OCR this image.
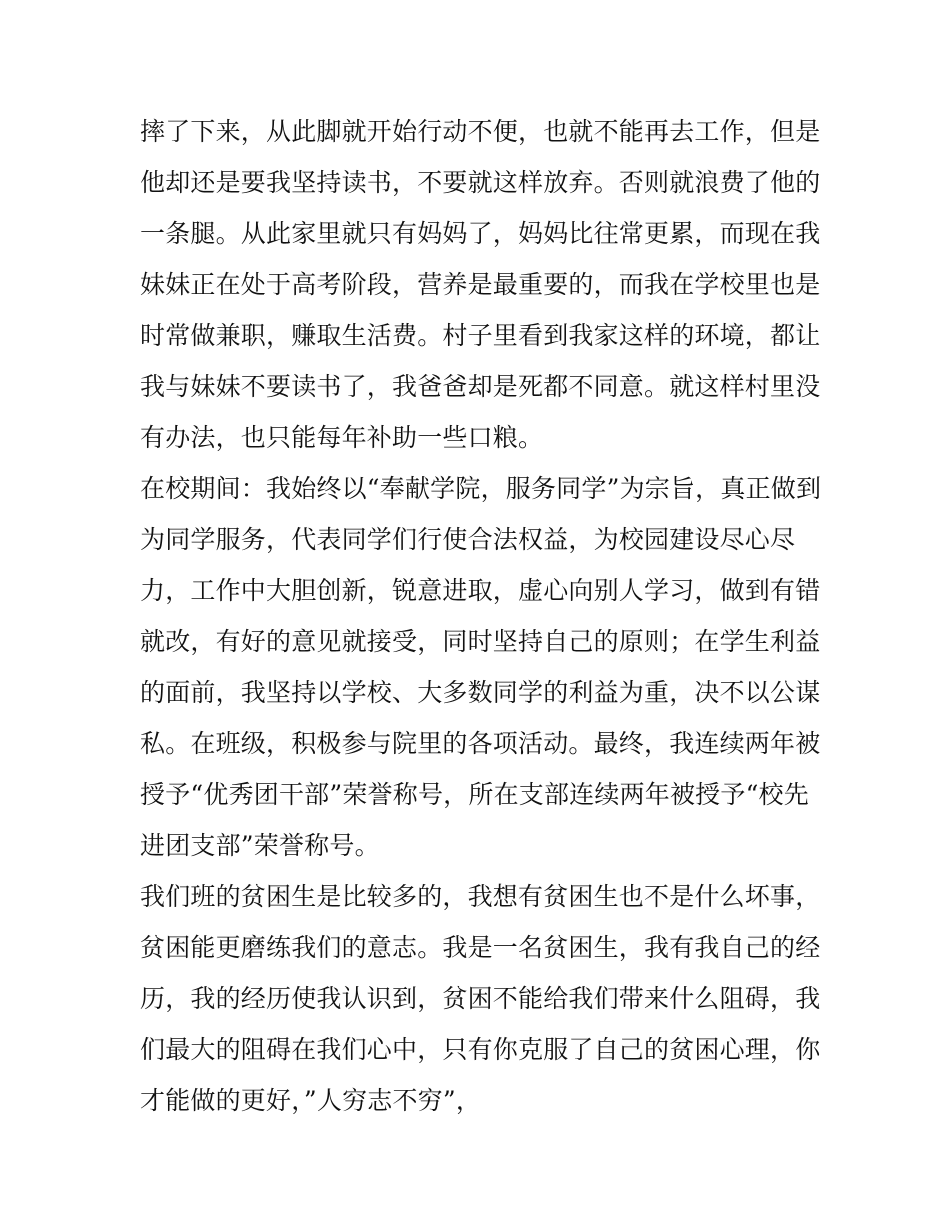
摔了下来，从此脚就开始行动不便，也就不能再去工作，但是
他却还是要我坚持读书，不要就这样放弃。否则就浪费了他的
一条腿。从此家里就只有妈妈了，妈妈比往常更累，而现在我
妹妹正在处于高考阶段，营养是最重要的，而我在学校里也是
时常做兼职，赚取生活费。村子里看到我家这样的环境，都让
我与妹妹不要读书了，我爸爸却是死都不同意。就这样村里没
有办法，也只能每年补助一些口粮。
在校期间：我始终以“奉献学院，服务同学”为宗旨，真正做到
为同学服务，代表同学们行使合法权益，为校园建设尽心尽
力，工作中大胆创新，锐意进取，虚心向别人学习，做到有错
就改，有好的意见就接受，同时坚持自己的原则；在学生利益
的面前，我坚持以学校、大多数同学的利益为重，决不以公谋
私。在班级，积极参与院里的各项活动。最终，我连续两年被
授予“优秀团干部”荣誉称号，所在支部连续两年被授予“校先
进团支部”荣誉称号。
我们班的贫困生是比较多的，我想有贫困生也不是什么坏事，
贫困能更磨练我们的意志。我是一名贫困生，我有我自己的经
历，我的经历使我认识到，贫困不能给我们带来什么阻碍，我
们最大的阻碍在我们心中，只有你克服了自己的贫困心理，你
才能做的更好，”人穷志不穷”，
